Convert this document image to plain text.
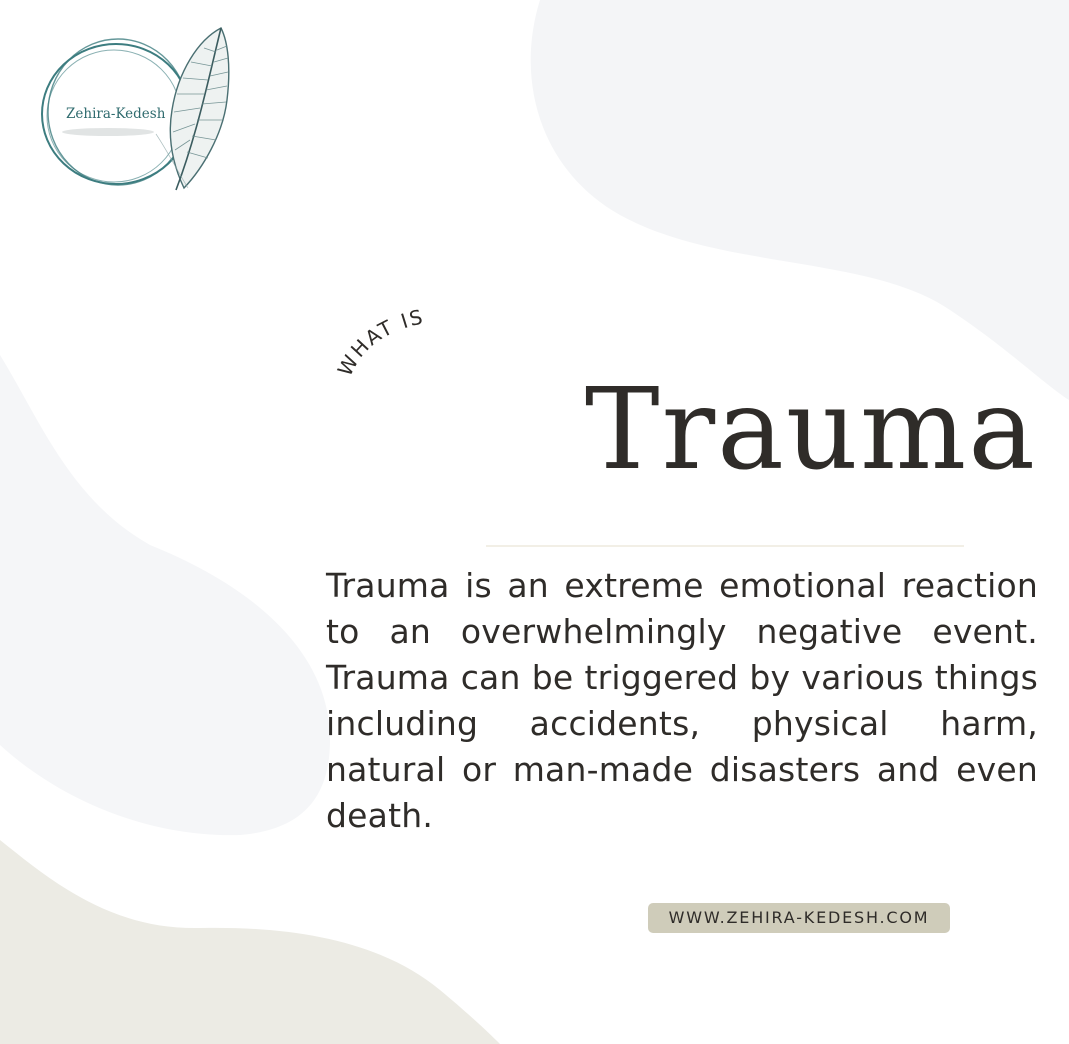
Zehira-Kedesh
WHAT IS
Trauma

Trauma is an extreme emotional reaction to an overwhelmingly negative event. Trauma can be triggered by various things including accidents, physical harm, natural or man-made disasters and even death.

WWW.ZEHIRA-KEDESH.COM
